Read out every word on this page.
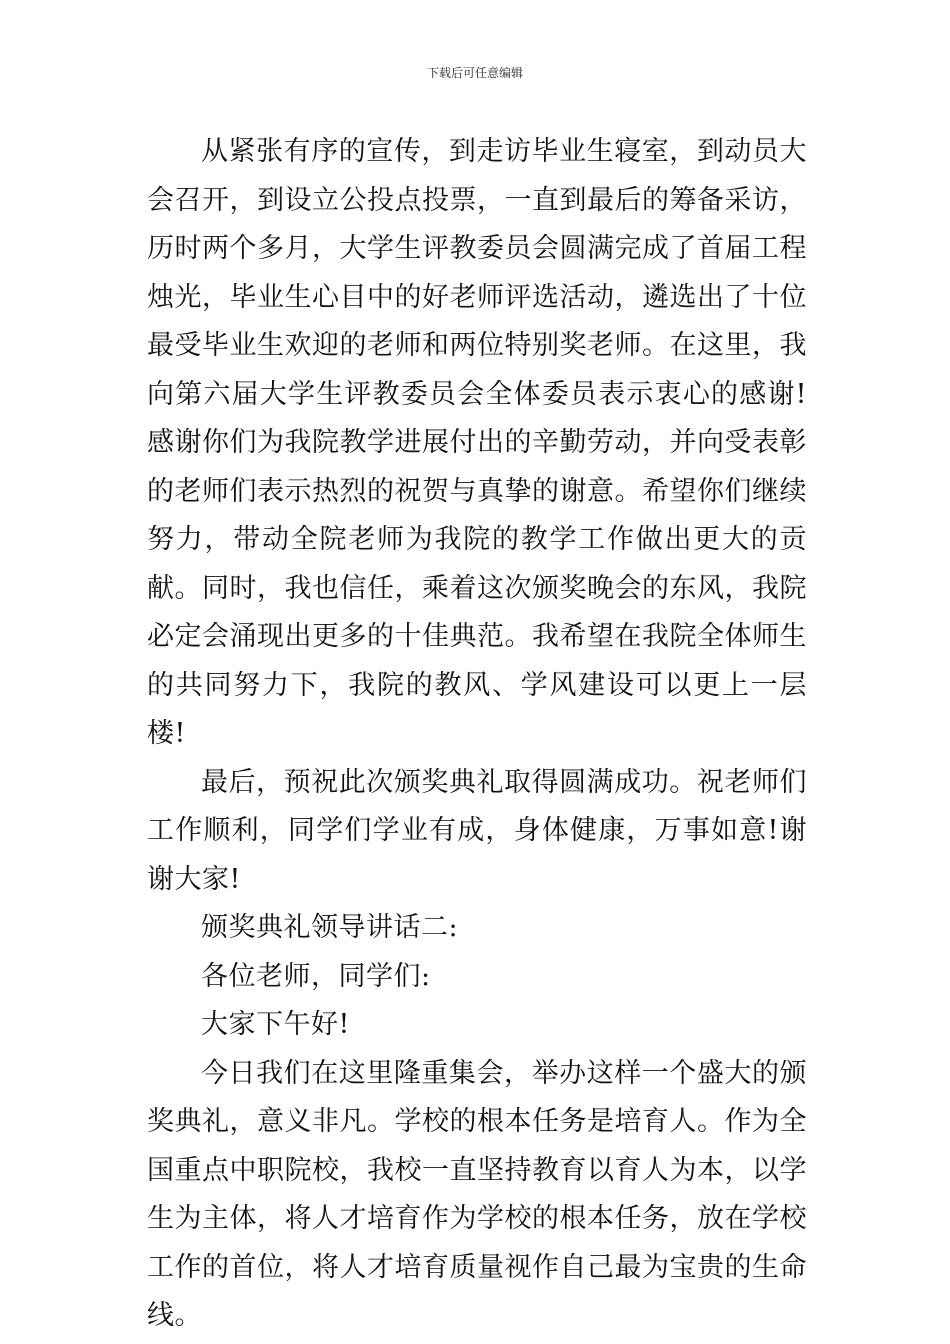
下载后可任意编辑

从紧张有序的宣传，到走访毕业生寝室，到动员大会召开，到设立公投点投票，一直到最后的筹备采访，历时两个多月，大学生评教委员会圆满完成了首届工程烛光，毕业生心目中的好老师评选活动，遴选出了十位最受毕业生欢迎的老师和两位特别奖老师。在这里，我向第六届大学生评教委员会全体委员表示衷心的感谢!感谢你们为我院教学进展付出的辛勤劳动，并向受表彰的老师们表示热烈的祝贺与真挚的谢意。希望你们继续努力，带动全院老师为我院的教学工作做出更大的贡献。同时，我也信任，乘着这次颁奖晚会的东风，我院必定会涌现出更多的十佳典范。我希望在我院全体师生的共同努力下，我院的教风、学风建设可以更上一层楼!

最后，预祝此次颁奖典礼取得圆满成功。祝老师们工作顺利，同学们学业有成，身体健康，万事如意!谢谢大家!

颁奖典礼领导讲话二:

各位老师，同学们:

大家下午好!

今日我们在这里隆重集会，举办这样一个盛大的颁奖典礼，意义非凡。学校的根本任务是培育人。作为全国重点中职院校，我校一直坚持教育以育人为本，以学生为主体，将人才培育作为学校的根本任务，放在学校工作的首位，将人才培育质量视作自己最为宝贵的生命线。
